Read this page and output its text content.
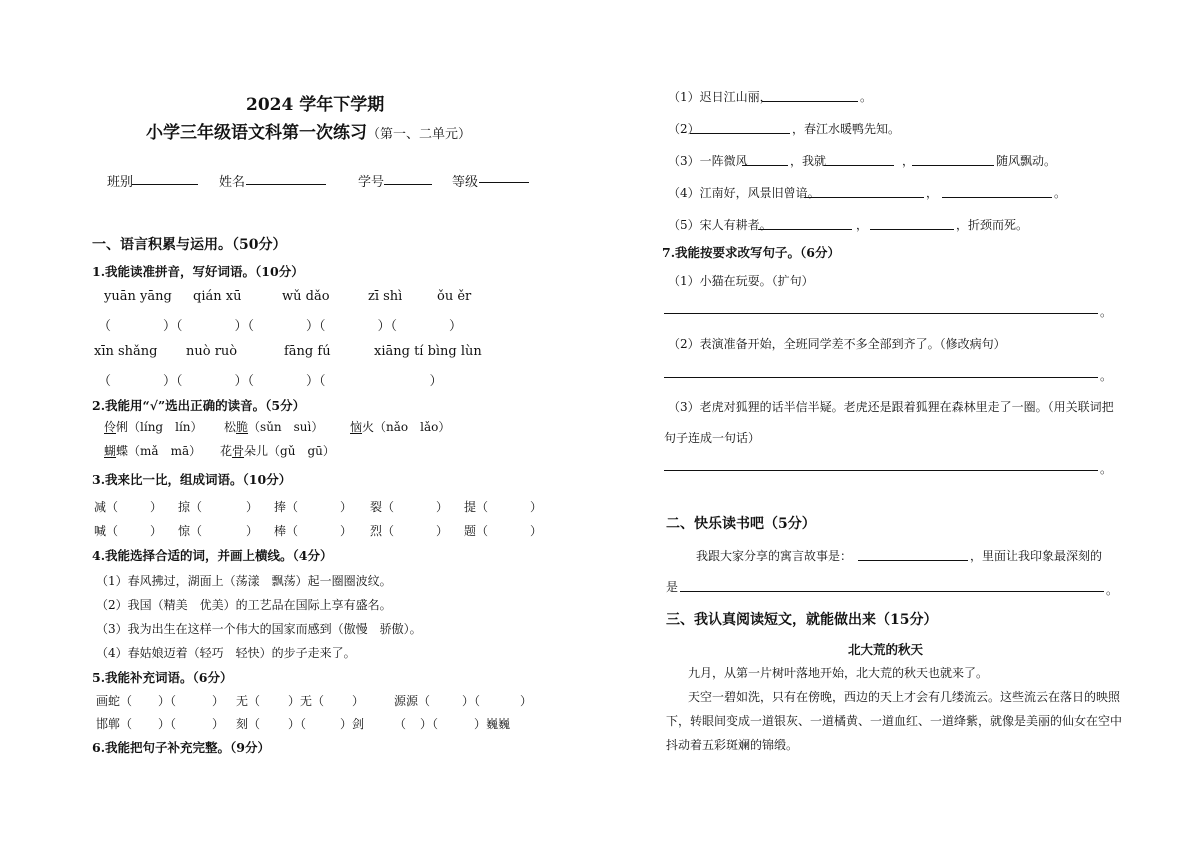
2024 学年下学期
小学三年级语文科第一次练习（第一、二单元）
班别	姓名	学号	等级
一、语言积累与运用。（50分）
1.我能读准拼音，写好词语。（10分）
yuān yāng qián xū	wǔ dǎo	zī shì	ǒu ěr
（　　　　）（　　　　）（　　　　）（　　　　）（　　　　）
xīn shǎng nuò ruò	fāng fú	xiāng tí bìng lùn
（　　　　）（　　　　）（　　　　）（　　　　　　　　）
2.我能用“√”选出正确的读音。（5分）
伶俐（líng　lín） 松脆（sǔn　suì） 恼火（nǎo　lǎo）
蝴蝶（mǎ　mā） 花骨朵儿（gǔ　gū）
3.我来比一比，组成词语。（10分）
减（	） 掠（	） 捧（	） 裂（	） 提（	）
喊（	） 惊（	） 棒（	） 烈（	） 题（	）
4.我能选择合适的词，并画上横线。（4分）
（1）春风拂过，湖面上（荡漾　飘荡）起一圈圈波纹。
（2）我国（精美　优美）的工艺品在国际上享有盛名。
（3）我为出生在这样一个伟大的国家而感到（傲慢　骄傲）。
（4）春姑娘迈着（轻巧　轻快）的步子走来了。
5.我能补充词语。（6分）
画蛇（ ）（	） 无（ ）无（ ） 源源（	）（	）
邯郸（ ）（	） 刻（ ）（	）剑 （ ）（	）巍巍
6.我能把句子补充完整。（9分）
（1）迟日江山丽，	。
（2）	，春江水暖鸭先知。
（3）一阵微风	，我就	，	随风飘动。
（4）江南好，风景旧曾谙。	，	。
（5）宋人有耕者。	，	，折颈而死。
7.我能按要求改写句子。（6分）
（1）小猫在玩耍。（扩句）
。
（2）表演准备开始，全班同学差不多全部到齐了。（修改病句）
。
（3）老虎对狐狸的话半信半疑。老虎还是跟着狐狸在森林里走了一圈。（用关联词把
句子连成一句话）
。
二、快乐读书吧（5分）
我跟大家分享的寓言故事是：	，里面让我印象最深刻的
是	。
三、我认真阅读短文，就能做出来（15分）
北大荒的秋天
九月，从第一片树叶落地开始，北大荒的秋天也就来了。
天空一碧如洗，只有在傍晚，西边的天上才会有几缕流云。这些流云在落日的映照
下，转眼间变成一道银灰、一道橘黄、一道血红、一道绛紫，就像是美丽的仙女在空中
抖动着五彩斑斓的锦缎。
